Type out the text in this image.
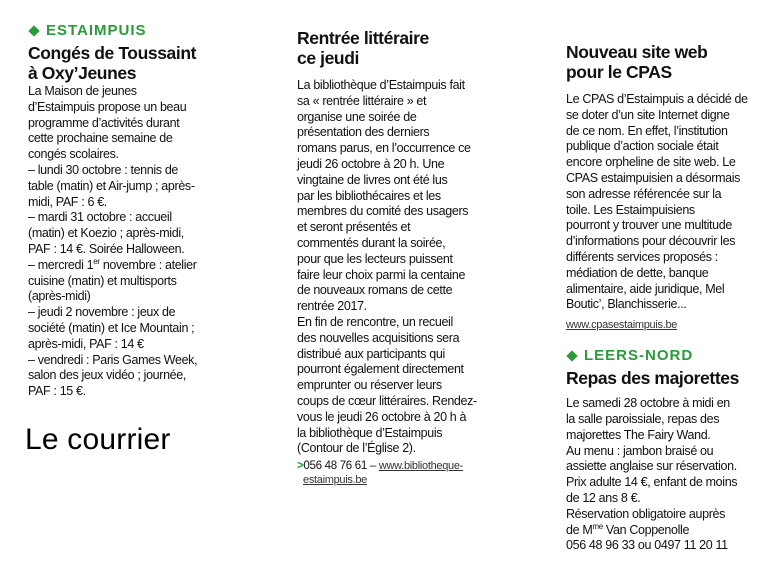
ESTAIMPUIS
Congés de Toussaint
à Oxy’Jeunes

La Maison de jeunes

d’Estaimpuis propose un beau

programme d’activités durant

cette prochaine semaine de

congés scolaires.

– lundi 30 octobre : tennis de

table (matin) et Air-jump ; après-

midi, PAF : 6 €.

– mardi 31 octobre : accueil

(matin) et Koezio ; après-midi,

PAF : 14 €. Soirée Halloween.

– mercredi 1er novembre : atelier

cuisine (matin) et multisports

(après-midi)

– jeudi 2 novembre : jeux de

société (matin) et Ice Mountain ;

après-midi, PAF : 14 €

– vendredi : Paris Games Week,

salon des jeux vidéo ; journée,

PAF : 15 €.

Le courrier
Rentrée littéraire
ce jeudi

La bibliothèque d’Estaimpuis fait

sa « rentrée littéraire » et

organise une soirée de

présentation des derniers

romans parus, en l’occurrence ce

jeudi 26 octobre à 20 h. Une

vingtaine de livres ont été lus

par les bibliothécaires et les

membres du comité des usagers

et seront présentés et

commentés durant la soirée,

pour que les lecteurs puissent

faire leur choix parmi la centaine

de nouveaux romans de cette

rentrée 2017.

En fin de rencontre, un recueil

des nouvelles acquisitions sera

distribué aux participants qui

pourront également directement

emprunter ou réserver leurs

coups de cœur littéraires. Rendez-

vous le jeudi 26 octobre à 20 h à

la bibliothèque d’Estaimpuis

(Contour de l’Église 2).

>056 48 76 61 – www.bibliotheque-
estaimpuis.be
Nouveau site web
pour le CPAS

Le CPAS d’Estaimpuis a décidé de

se doter d’un site Internet digne

de ce nom. En effet, l’institution

publique d’action sociale était

encore orpheline de site web. Le

CPAS estaimpuisien a désormais

son adresse référencée sur la

toile. Les Estaimpuisiens

pourront y trouver une multitude

d’informations pour découvrir les

différents services proposés :

médiation de dette, banque

alimentaire, aide juridique, Mel

Boutic’, Blanchisserie...

www.cpasestaimpuis.be
LEERS-NORD
Repas des majorettes

Le samedi 28 octobre à midi en

la salle paroissiale, repas des

majorettes The Fairy Wand.

Au menu : jambon braisé ou

assiette anglaise sur réservation.

Prix adulte 14 €, enfant de moins

de 12 ans 8 €.

Réservation obligatoire auprès

de $M^{me}$ Van Coppenolle

056 48 96 33 ou 0497 11 20 11
